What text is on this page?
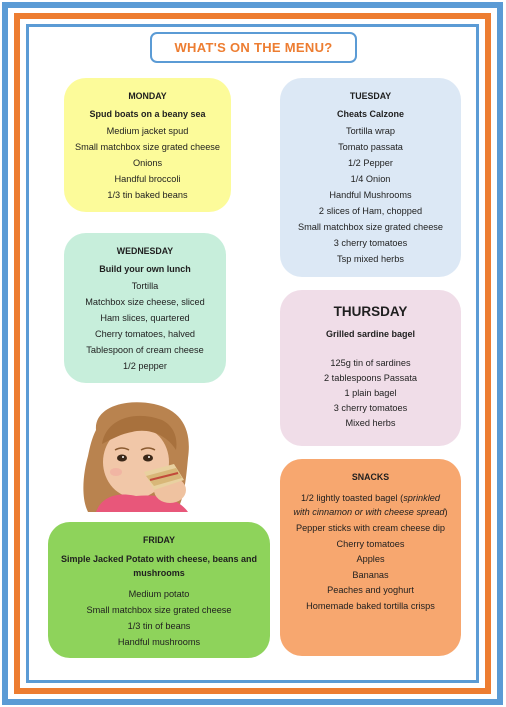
WHAT'S ON THE MENU?
MONDAY
Spud boats on a beany sea
Medium jacket spud
Small matchbox size grated cheese
Onions
Handful broccoli
1/3 tin baked beans
TUESDAY
Cheats Calzone
Tortilla wrap
Tomato passata
1/2 Pepper
1/4 Onion
Handful Mushrooms
2 slices of Ham, chopped
Small matchbox size grated cheese
3 cherry tomatoes
Tsp mixed herbs
WEDNESDAY
Build your own lunch
Tortilla
Matchbox size cheese, sliced
Ham slices, quartered
Cherry tomatoes, halved
Tablespoon of cream cheese
1/2 pepper
THURSDAY
Grilled sardine bagel
125g tin of sardines
2 tablespoons Passata
1 plain bagel
3 cherry tomatoes
Mixed herbs
SNACKS
1/2 lightly toasted bagel (sprinkled with cinnamon or with cheese spread)
Pepper sticks with cream cheese dip
Cherry tomatoes
Apples
Bananas
Peaches and yoghurt
Homemade baked tortilla crisps
FRIDAY
Simple Jacked Potato with cheese, beans and mushrooms
Medium potato
Small matchbox size grated cheese
1/3 tin of beans
Handful mushrooms
